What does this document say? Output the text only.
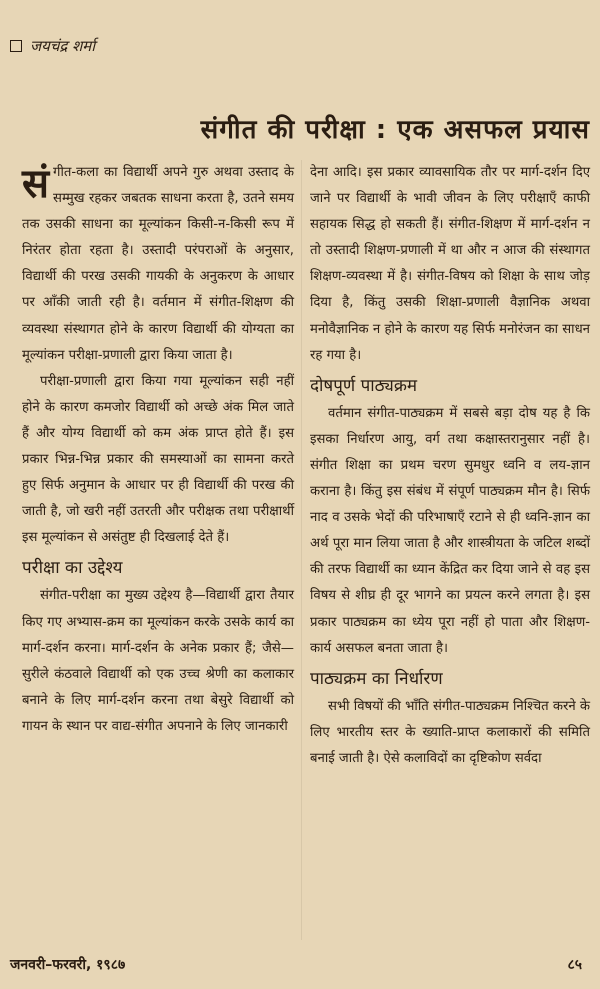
जयचंद्र शर्मा
संगीत की परीक्षा : एक असफल प्रयास

संगीत-कला का विद्यार्थी अपने गुरु अथवा उस्ताद के सम्मुख रहकर जबतक साधना करता है, उतने समय तक उसकी साधना का मूल्यांकन किसी-न-किसी रूप में निरंतर होता रहता है। उस्तादी परंपराओं के अनुसार, विद्यार्थी की परख उसकी गायकी के अनुकरण के आधार पर आँकी जाती रही है। वर्तमान में संगीत-शिक्षण की व्यवस्था संस्थागत होने के कारण विद्यार्थी की योग्यता का मूल्यांकन परीक्षा-प्रणाली द्वारा किया जाता है।

परीक्षा-प्रणाली द्वारा किया गया मूल्यांकन सही नहीं होने के कारण कमजोर विद्यार्थी को अच्छे अंक मिल जाते हैं और योग्य विद्यार्थी को कम अंक प्राप्त होते हैं। इस प्रकार भिन्न-भिन्न प्रकार की समस्याओं का सामना करते हुए सिर्फ अनुमान के आधार पर ही विद्यार्थी की परख की जाती है, जो खरी नहीं उतरती और परीक्षक तथा परीक्षार्थी इस मूल्यांकन से असंतुष्ट ही दिखलाई देते हैं।

परीक्षा का उद्देश्य

संगीत-परीक्षा का मुख्य उद्देश्य है—विद्यार्थी द्वारा तैयार किए गए अभ्यास-क्रम का मूल्यांकन करके उसके कार्य का मार्ग-दर्शन करना। मार्ग-दर्शन के अनेक प्रकार हैं; जैसे—सुरीले कंठवाले विद्यार्थी को एक उच्च श्रेणी का कलाकार बनाने के लिए मार्ग-दर्शन करना तथा बेसुरे विद्यार्थी को गायन के स्थान पर वाद्य-संगीत अपनाने के लिए जानकारी

देना आदि। इस प्रकार व्यावसायिक तौर पर मार्ग-दर्शन दिए जाने पर विद्यार्थी के भावी जीवन के लिए परीक्षाएँ काफी सहायक सिद्ध हो सकती हैं। संगीत-शिक्षण में मार्ग-दर्शन न तो उस्तादी शिक्षण-प्रणाली में था और न आज की संस्थागत शिक्षण-व्यवस्था में है। संगीत-विषय को शिक्षा के साथ जोड़ दिया है, किंतु उसकी शिक्षा-प्रणाली वैज्ञानिक अथवा मनोवैज्ञानिक न होने के कारण यह सिर्फ मनोरंजन का साधन रह गया है।

दोषपूर्ण पाठ्यक्रम

वर्तमान संगीत-पाठ्यक्रम में सबसे बड़ा दोष यह है कि इसका निर्धारण आयु, वर्ग तथा कक्षास्तरानुसार नहीं है। संगीत शिक्षा का प्रथम चरण सुमधुर ध्वनि व लय-ज्ञान कराना है। किंतु इस संबंध में संपूर्ण पाठ्यक्रम मौन है। सिर्फ नाद व उसके भेदों की परिभाषाएँ रटाने से ही ध्वनि-ज्ञान का अर्थ पूरा मान लिया जाता है और शास्त्रीयता के जटिल शब्दों की तरफ विद्यार्थी का ध्यान केंद्रित कर दिया जाने से वह इस विषय से शीघ्र ही दूर भागने का प्रयत्न करने लगता है। इस प्रकार पाठ्यक्रम का ध्येय पूरा नहीं हो पाता और शिक्षण-कार्य असफल बनता जाता है।

पाठ्यक्रम का निर्धारण

सभी विषयों की भाँति संगीत-पाठ्यक्रम निश्चित करने के लिए भारतीय स्तर के ख्याति-प्राप्त कलाकारों की समिति बनाई जाती है। ऐसे कलाविदों का दृष्टिकोण सर्वदा

जनवरी–फरवरी, १९८७	८५
